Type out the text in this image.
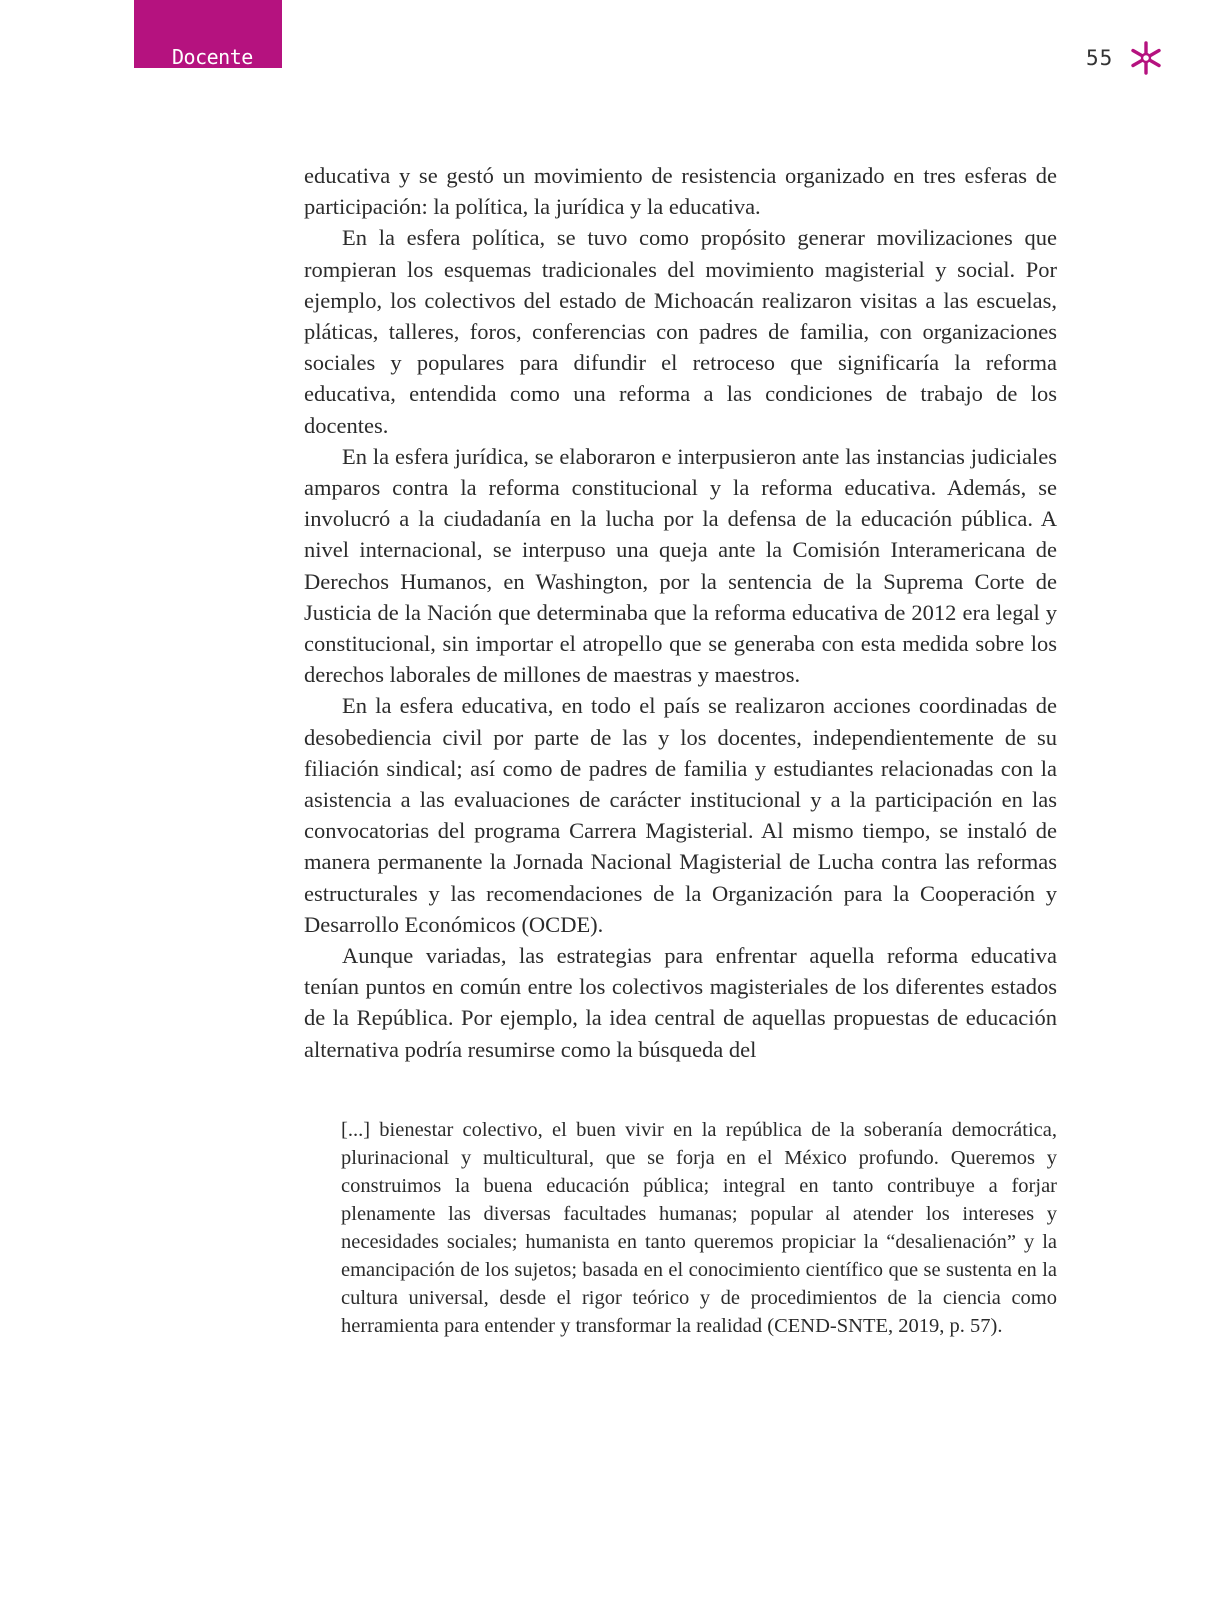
Docente	55

educativa y se gestó un movimiento de resistencia organizado en tres esferas de participación: la política, la jurídica y la educativa.

En la esfera política, se tuvo como propósito generar movilizaciones que rompieran los esquemas tradicionales del movimiento magisterial y social. Por ejemplo, los colectivos del estado de Michoacán realizaron visitas a las escuelas, pláticas, talleres, foros, conferencias con padres de familia, con organizaciones sociales y populares para difundir el retroceso que significaría la reforma educativa, entendida como una reforma a las condiciones de trabajo de los docentes.

En la esfera jurídica, se elaboraron e interpusieron ante las instancias judiciales amparos contra la reforma constitucional y la reforma educativa. Además, se involucró a la ciudadanía en la lucha por la defensa de la educación pública. A nivel internacional, se interpuso una queja ante la Comisión Interamericana de Derechos Humanos, en Washington, por la sentencia de la Suprema Corte de Justicia de la Nación que determinaba que la reforma educativa de 2012 era legal y constitucional, sin importar el atropello que se generaba con esta medida sobre los derechos laborales de millones de maestras y maestros.

En la esfera educativa, en todo el país se realizaron acciones coordinadas de desobediencia civil por parte de las y los docentes, independientemente de su filiación sindical; así como de padres de familia y estudiantes relacionadas con la asistencia a las evaluaciones de carácter institucional y a la participación en las convocatorias del programa Carrera Magisterial. Al mismo tiempo, se instaló de manera permanente la Jornada Nacional Magisterial de Lucha contra las reformas estructurales y las recomendaciones de la Organización para la Cooperación y Desarrollo Económicos (OCDE).

Aunque variadas, las estrategias para enfrentar aquella reforma educativa tenían puntos en común entre los colectivos magisteriales de los diferentes estados de la República. Por ejemplo, la idea central de aquellas propuestas de educación alternativa podría resumirse como la búsqueda del

[...] bienestar colectivo, el buen vivir en la república de la soberanía democrática, plurinacional y multicultural, que se forja en el México profundo. Queremos y construimos la buena educación pública; integral en tanto contribuye a forjar plenamente las diversas facultades humanas; popular al atender los intereses y necesidades sociales; humanista en tanto queremos propiciar la “desalienación” y la emancipación de los sujetos; basada en el conocimiento científico que se sustenta en la cultura universal, desde el rigor teórico y de procedimientos de la ciencia como herramienta para entender y transformar la realidad (CEND-SNTE, 2019, p. 57).
